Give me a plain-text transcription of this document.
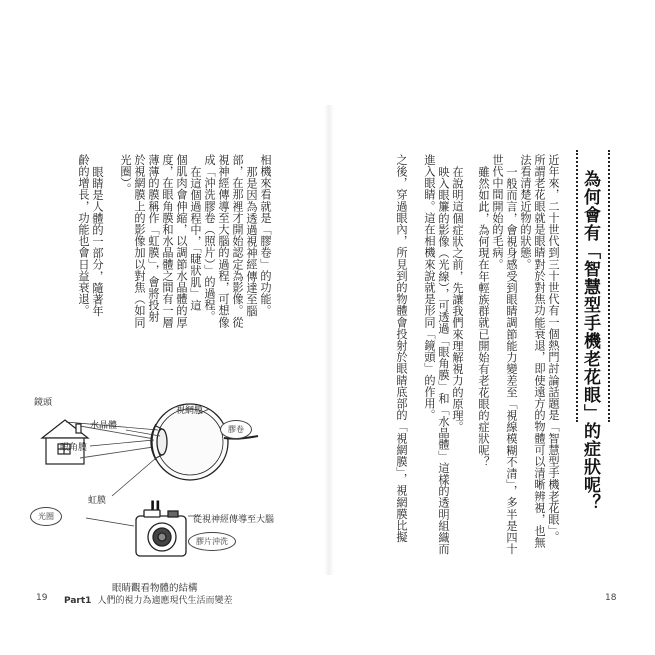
為何會有「智慧型手機老花眼」的症狀呢？
近年來，二十世代到三十世代有一個熱門討論話題是「智慧型手機老花眼」。
所謂老花眼就是眼睛對於對焦功能衰退，即使遠方的物體可以清晰辨視，也無
法看清楚近物的狀態。
一般而言，會視身感受到眼睛調節能力變差至「視線模糊不清」，多半是四十
世代中間開始的毛病。
雖然如此，為何現在年輕族群就已開始有老花眼的症狀呢？
在說明這個症狀之前，先讓我們來理解視力的原理。
映入眼簾的影像（光線），可透過「眼角膜」和「水晶體」這樣的透明組織而
進入眼睛。這在相機來說就是形同「鏡頭」的作用。
之後，穿過眼內，所見到的物體會投射於眼睛底部的「視網膜」，視網膜比擬
18
相機來看就是「膠卷」的功能。
那是因為透過視神經傳達至腦
部，在那裡才開始認定為影像。從
視神經傳導至大腦的過程，可想像
成「沖洗膠卷（照片）」的過程。
在這個過程中，「睫狀肌」這
個肌肉會伸縮，以調節水晶體的厚
度，在眼角膜和水晶體之間有一層
薄薄的膜稱作「虹膜」，會將投射
於視網膜上的影像加以對焦（如同
光圈）。
眼睛是人體的一部分，隨著年
齡的增長，功能也會日益衰退。
II
鏡頭
水晶體
眼角膜
視網膜
膠卷
虹膜
光圈	從視神經傳導至大腦
膠片沖洗
眼睛觀看物體的結構
19 Part1 人們的視力為適應現代生活而變差
